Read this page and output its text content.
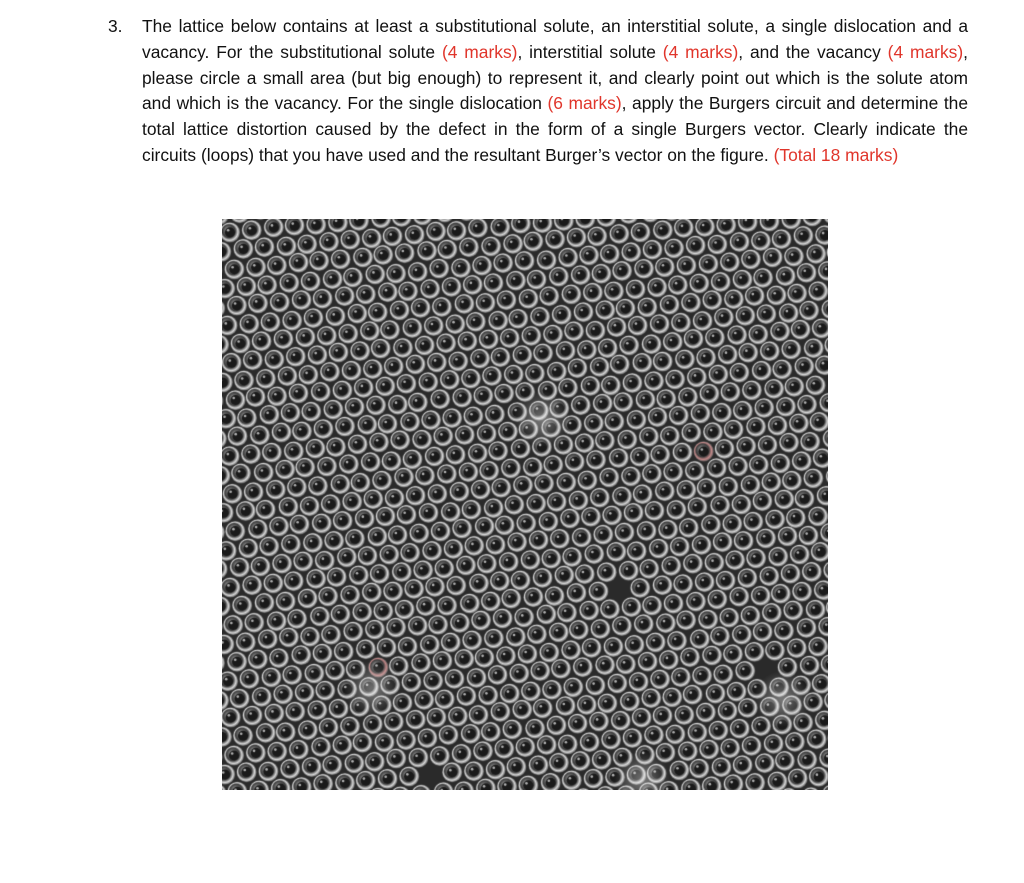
3. The lattice below contains at least a substitutional solute, an interstitial solute, a single dislocation and a vacancy. For the substitutional solute (4 marks), interstitial solute (4 marks), and the vacancy (4 marks), please circle a small area (but big enough) to represent it, and clearly point out which is the solute atom and which is the vacancy. For the single dislocation (6 marks), apply the Burgers circuit and determine the total lattice distortion caused by the defect in the form of a single Burgers vector. Clearly indicate the circuits (loops) that you have used and the resultant Burger’s vector on the figure. (Total 18 marks)
